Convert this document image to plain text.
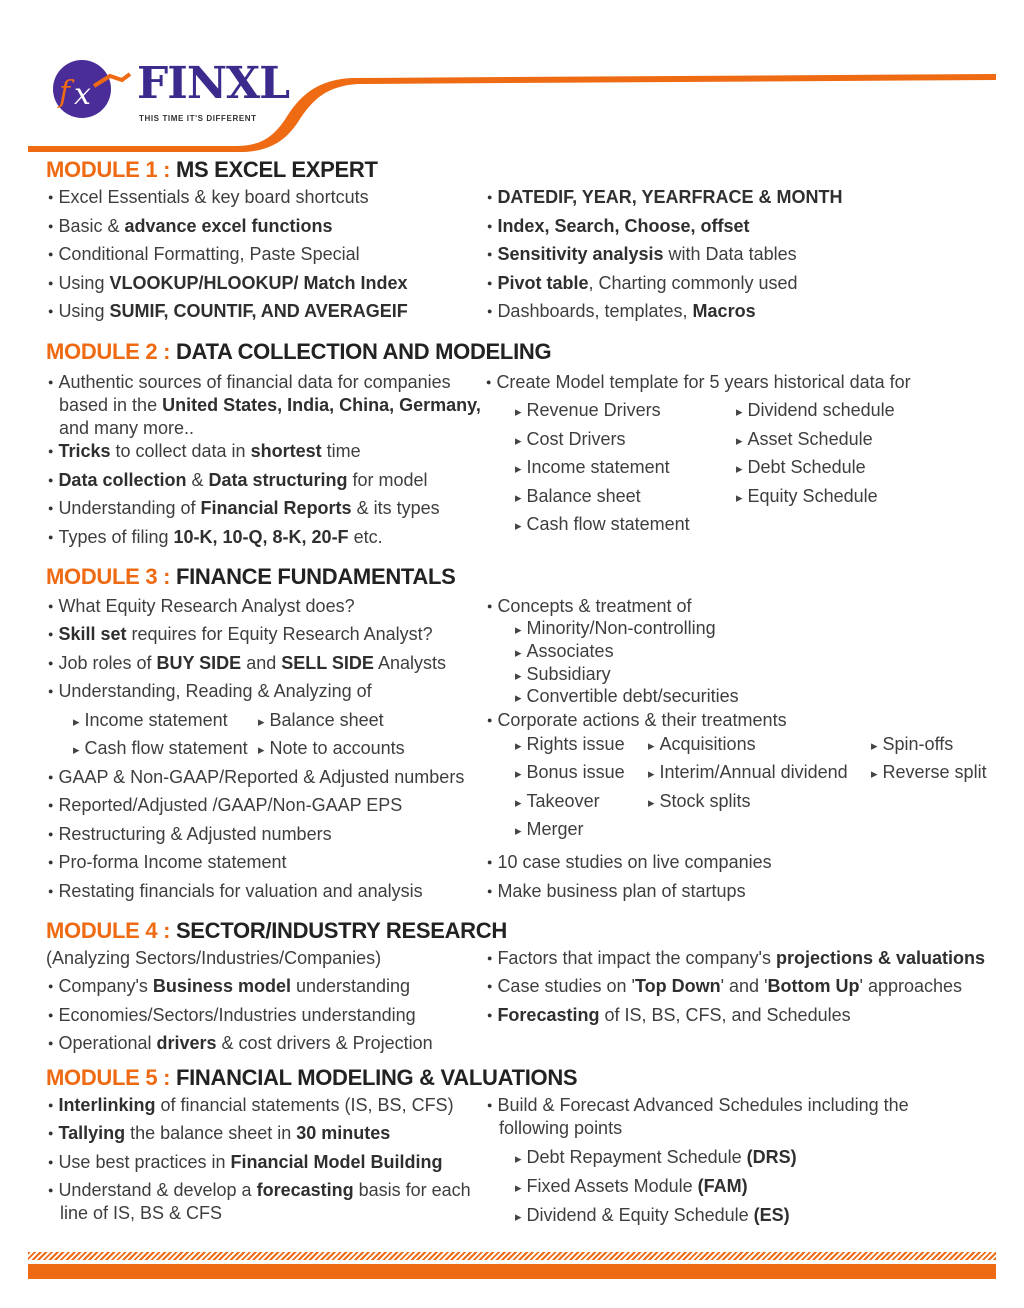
f x FINXL
THIS TIME IT'S DIFFERENT
MODULE 1 : MS EXCEL EXPERT
● Excel Essentials & key board shortcuts
● Basic & advance excel functions
● Conditional Formatting, Paste Special
● Using VLOOKUP/HLOOKUP/ Match Index
● Using SUMIF, COUNTIF, AND AVERAGEIF
● DATEDIF, YEAR, YEARFRACE & MONTH
● Index, Search, Choose, offset
● Sensitivity analysis with Data tables
● Pivot table, Charting commonly used
● Dashboards, templates, Macros
MODULE 2 : DATA COLLECTION AND MODELING
● Authentic sources of financial data for companies
based in the United States, India, China, Germany,
and many more..
● Tricks to collect data in shortest time
● Data collection & Data structuring for model
● Understanding of Financial Reports & its types
● Types of filing 10-K, 10-Q, 8-K, 20-F etc.
● Create Model template for 5 years historical data for
▸ Revenue Drivers
▸ Cost Drivers
▸ Income statement
▸ Balance sheet
▸ Cash flow statement
▸ Dividend schedule
▸ Asset Schedule
▸ Debt Schedule
▸ Equity Schedule
MODULE 3 : FINANCE FUNDAMENTALS
● What Equity Research Analyst does?
● Skill set requires for Equity Research Analyst?
● Job roles of BUY SIDE and SELL SIDE Analysts
● Understanding, Reading & Analyzing of
▸ Income statement	▸ Balance sheet
▸ Cash flow statement	▸ Note to accounts
● GAAP & Non-GAAP/Reported & Adjusted numbers
● Reported/Adjusted /GAAP/Non-GAAP EPS
● Restructuring & Adjusted numbers
● Pro-forma Income statement
● Restating financials for valuation and analysis
● Concepts & treatment of
▸ Minority/Non-controlling
▸ Associates
▸ Subsidiary
▸ Convertible debt/securities
● Corporate actions & their treatments
▸ Rights issue
▸ Bonus issue
▸ Takeover
▸ Merger
▸ Acquisitions
▸ Interim/Annual dividend
▸ Stock splits
▸ Spin-offs
▸ Reverse split
● 10 case studies on live companies
● Make business plan of startups
MODULE 4 : SECTOR/INDUSTRY RESEARCH
(Analyzing Sectors/Industries/Companies)
● Company's Business model understanding
● Economies/Sectors/Industries understanding
● Operational drivers & cost drivers & Projection
● Factors that impact the company's projections & valuations
● Case studies on 'Top Down' and 'Bottom Up' approaches
● Forecasting of IS, BS, CFS, and Schedules
MODULE 5 : FINANCIAL MODELING & VALUATIONS
● Interlinking of financial statements (IS, BS, CFS)
● Tallying the balance sheet in 30 minutes
● Use best practices in Financial Model Building
● Understand & develop a forecasting basis for each
line of IS, BS & CFS
● Build & Forecast Advanced Schedules including the
following points
▸ Debt Repayment Schedule (DRS)
▸ Fixed Assets Module (FAM)
▸ Dividend & Equity Schedule (ES)
